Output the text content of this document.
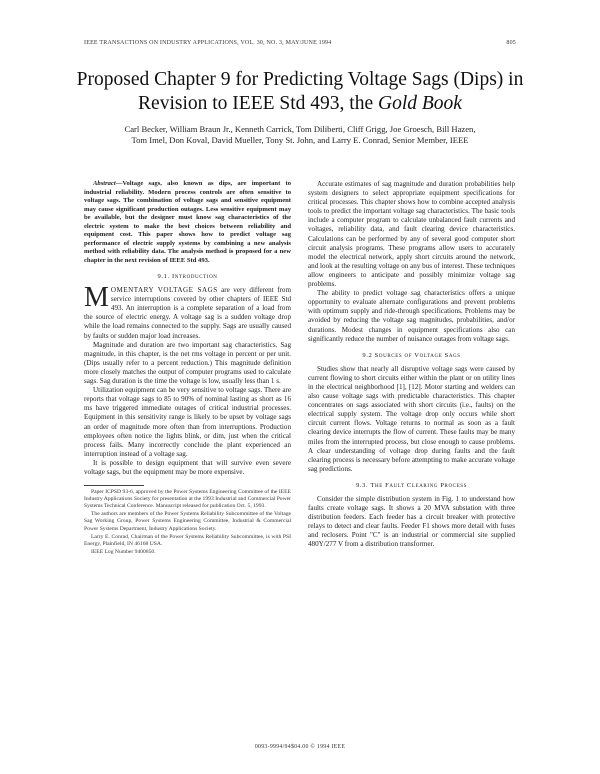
IEEE TRANSACTIONS ON INDUSTRY APPLICATIONS, VOL. 30, NO. 3, MAY/JUNE 1994	805
Proposed Chapter 9 for Predicting Voltage Sags (Dips) in Revision to IEEE Std 493, the Gold Book
Carl Becker, William Braun Jr., Kenneth Carrick, Tom Diliberti, Cliff Grigg, Joe Groesch, Bill Hazen,
Tom Imel, Don Koval, David Mueller, Tony St. John, and Larry E. Conrad, Senior Member, IEEE

Abstract—Voltage sags, also known as dips, are important to industrial reliability. Modern process controls are often sensitive to voltage sags. The combination of voltage sags and sensitive equipment may cause significant production outages. Less sensitive equipment may be available, but the designer must know sag characteristics of the electric system to make the best choices between reliability and equipment cost. This paper shows how to predict voltage sag performance of electric supply systems by combining a new analysis method with reliability data. The analysis method is proposed for a new chapter in the next revision of IEEE Std 493.

9.1. Introduction

MOMENTARY VOLTAGE SAGS are very different from service interruptions covered by other chapters of IEEE Std 493. An interruption is a complete separation of a load from the source of electric energy. A voltage sag is a sudden voltage drop while the load remains connected to the supply. Sags are usually caused by faults or sudden major load increases.

Magnitude and duration are two important sag characteristics. Sag magnitude, in this chapter, is the net rms voltage in percent or per unit. (Dips usually refer to a percent reduction.) This magnitude definition more closely matches the output of computer programs used to calculate sags. Sag duration is the time the voltage is low, usually less than 1 s.

Utilization equipment can be very sensitive to voltage sags. There are reports that voltage sags to 85 to 90% of nominal lasting as short as 16 ms have triggered immediate outages of critical industrial processes. Equipment in this sensitivity range is likely to be upset by voltage sags an order of magnitude more often than from interruptions. Production employees often notice the lights blink, or dim, just when the critical process fails. Many incorrectly conclude the plant experienced an interruption instead of a voltage sag.

It is possible to design equipment that will survive even severe voltage sags, but the equipment may be more expensive.

Paper ICPSD 93-6, approved by the Power Systems Engineering Committee of the IEEE Industry Applications Society for presentation at the 1993 Industrial and Commercial Power Systems Technical Conference. Manuscript released for publication Oct. 5, 1993.

The authors are members of the Power Systems Reliability Subcommittee of the Voltage Sag Working Group, Power Systems Engineering Committee, Industrial & Commercial Power Systems Department, Industry Applications Society.

Larry E. Conrad, Chairman of the Power Systems Reliability Subcommittee, is with PSI Energy, Plainfield, IN 46168 USA.

IEEE Log Number 9400850.

Accurate estimates of sag magnitude and duration probabilities help system designers to select appropriate equipment specifications for critical processes. This chapter shows how to combine accepted analysis tools to predict the important voltage sag characteristics. The basic tools include a computer program to calculate unbalanced fault currents and voltages, reliability data, and fault clearing device characteristics. Calculations can be performed by any of several good computer short circuit analysis programs. These programs allow users to accurately model the electrical network, apply short circuits around the network, and look at the resulting voltage on any bus of interest. These techniques allow engineers to anticipate and possibly minimize voltage sag problems.

The ability to predict voltage sag characteristics offers a unique opportunity to evaluate alternate configurations and prevent problems with optimum supply and ride-through specifications. Problems may be avoided by reducing the voltage sag magnitudes, probabilities, and/or durations. Modest changes in equipment specifications also can significantly reduce the number of nuisance outages from voltage sags.

9.2 Sources of Voltage Sags

Studies show that nearly all disruptive voltage sags were caused by current flowing to short circuits either within the plant or on utility lines in the electrical neighborhood [1], [12]. Motor starting and welders can also cause voltage sags with predictable characteristics. This chapter concentrates on sags associated with short circuits (i.e., faults) on the electrical supply system. The voltage drop only occurs while short circuit current flows. Voltage returns to normal as soon as a fault clearing device interrupts the flow of current. These faults may be many miles from the interrupted process, but close enough to cause problems. A clear understanding of voltage drop during faults and the fault clearing process is necessary before attempting to make accurate voltage sag predictions.

9.3. The Fault Clearing Process

Consider the simple distribution system in Fig. 1 to understand how faults create voltage sags. It shows a 20 MVA substation with three distribution feeders. Each feeder has a circuit breaker with protective relays to detect and clear faults. Feeder F1 shows more detail with fuses and reclosers. Point "C" is an industrial or commercial site supplied 480Y/277 V from a distribution transformer.

0093-9994/94$04.00 © 1994 IEEE
